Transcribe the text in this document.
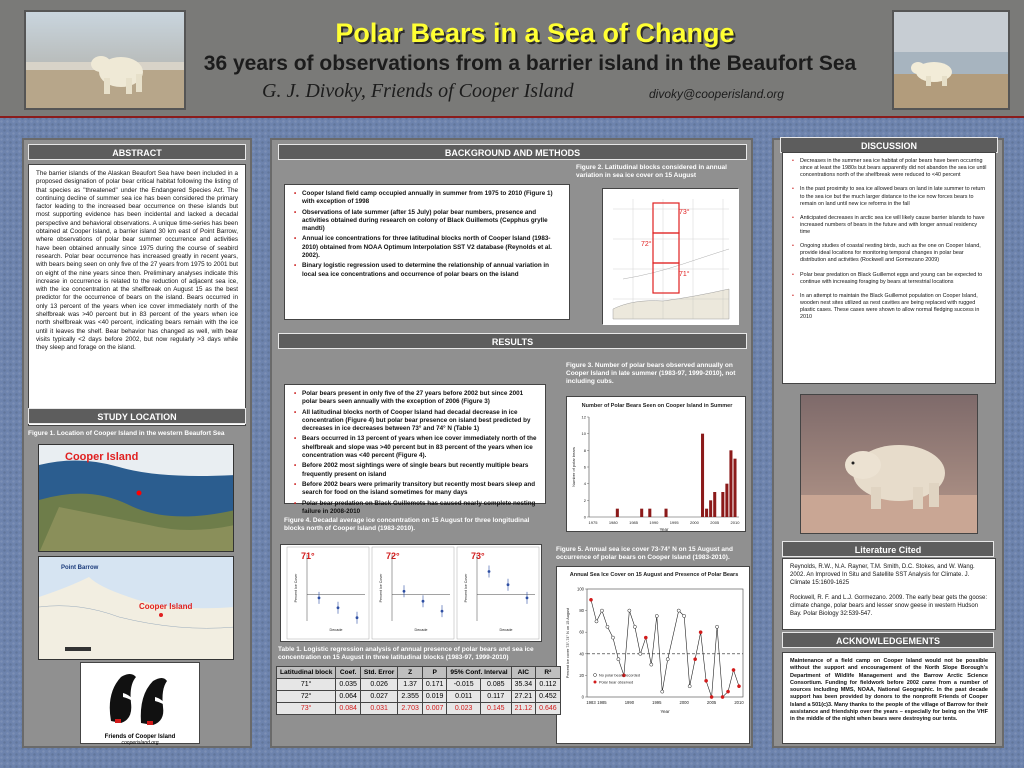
Polar Bears in a Sea of Change
36 years of observations from a barrier island in the Beaufort Sea
G. J. Divoky, Friends of Cooper Island	divoky@cooperisland.org
ABSTRACT
The barrier islands of the Alaskan Beaufort Sea have been included in a proposed designation of polar bear critical habitat following the listing of that species as "threatened" under the Endangered Species Act. The continuing decline of summer sea ice has been considered the primary factor leading to the increased bear occurrence on these islands but most supporting evidence has been incidental and lacked a decadal perspective and behavioral observations. A unique time-series has been obtained at Cooper Island, a barrier island 30 km east of Point Barrow, where observations of polar bear summer occurrence and activities have been obtained annually since 1975 during the course of seabird research. Polar bear occurrence has increased greatly in recent years, with bears being seen on only five of the 27 years from 1975 to 2001 but on eight of the nine years since then. Preliminary analyses indicate this increase in occurrence is related to the reduction of adjacent sea ice, with the ice concentration at the shelfbreak on August 15 as the best predictor for the occurrence of bears on the island. Bears occurred in only 13 percent of the years when ice cover immediately north of the shelfbreak was >40 percent but in 83 percent of the years when ice north shelfbreak was <40 percent, indicating bears remain with the ice until it leaves the shelf. Bear behavior has changed as well, with bear visits typically <2 days before 2002, but now regularly >3 days while they sleep and forage on the island.
STUDY LOCATION
Figure 1. Location of Cooper Island in the western Beaufort Sea
Cooper Island
Point Barrow
Cooper Island
Friends of Cooper Island
cooperisland.org
BACKGROUND AND METHODS
• Cooper Island field camp occupied annually in summer from 1975 to 2010 (Figure 1) with exception of 1998
• Observations of late summer (after 15 July) polar bear numbers, presence and activities obtained during research on colony of Black Guillemots (Cepphus grylle mandti)
• Annual ice concentrations for three latitudinal blocks north of Cooper Island (1983-2010) obtained from NOAA Optimum Interpolation SST V2 database (Reynolds et al. 2002).
• Binary logistic regression used to determine the relationship of annual variation in local sea ice concentrations and occurrence of polar bears on the island
Figure 2. Latitudinal blocks considered in annual variation in sea ice cover on 15 August
73°
72°
71°
RESULTS
• Polar bears present in only five of the 27 years before 2002 but since 2001 polar bears seen annually with the exception of 2006 (Figure 3)
• All latitudinal blocks north of Cooper Island had decadal decrease in ice concentration (Figure 4) but polar bear presence on island best predicted by decreases in ice decreases between 73° and 74° N (Table 1)
• Bears occurred in 13 percent of years when ice cover immediately north of the shelfbreak and slope was >40 percent but in 83 percent of the years when ice concentration was <40 percent (Figure 4).
• Before 2002 most sightings were of single bears but recently multiple bears frequently present on island
• Before 2002 bears were primarily transitory but recently most bears sleep and search for food on the island sometimes for many days
• Polar bear predation on Black Guillemots has caused nearly complete nesting failure in 2008-2010
Figure 3. Number of polar bears observed annually on Cooper Island in late summer (1983-97, 1999-2010), not including cubs.
Number of Polar Bears Seen on Cooper Island in Summer
0
2
4
6
8
10
12
1975	1980	1985	1990	1995	2000	2005	2010
Year
Number of polar bears
Figure 4. Decadal average ice concentration on 15 August for three longitudinal blocks north of Cooper Island (1983-2010).
71°
Decade
Percent Ice Cover
72°
Decade
Percent Ice Cover
73°
Decade
Percent Ice Cover
Figure 5. Annual sea ice cover 73-74° N on 15 August and occurrence of polar bears on Cooper Island (1983-2010).
Annual Sea Ice Cover on 15 August and Presence of Polar Bears
0
20
40
60
80
100
1983 1985	1990	1995	2000	2005	2010
No polar bears recorded
Polar bear observed
Year
Percent ice cover 73°-74° N on 15 August
Table 1. Logistic regression analysis of annual presence of polar bears and sea ice concentration on 15 August in three latitudinal blocks (1983-97, 1999-2010)
Latitudinal block	Coef.	Std. Error	Z	P	95% Conf. Interval		AIC	R²
71°	0.035	0.026	1.37	0.171	-0.015	0.085	35.34	0.112
72°	0.064	0.027	2.355	0.019	0.011	0.117	27.21	0.452
73°	0.084	0.031	2.703	0.007	0.023	0.145	21.12	0.646
DISCUSSION
• Decreases in the summer sea ice habitat of polar bears have been occurring since at least the 1980s but bears apparently did not abandon the sea ice until concentrations north of the shelfbreak were reduced to <40 percent
• In the past proximity to sea ice allowed bears on land in late summer to return to the sea ice but the much larger distance to the ice now forces bears to remain on land until new ice reforms in the fall
• Anticipated decreases in arctic sea ice will likely cause barrier islands to have increased numbers of bears in the future and with longer annual residency time
• Ongoing studies of coastal nesting birds, such as the one on Cooper Island, provide ideal locations for monitoring temporal changes in polar bear distribution and activities (Rockwell and Gormezano 2009)
• Polar bear predation on Black Guillemot eggs and young can be expected to continue with increasing foraging by bears at terrestrial locations
• In an attempt to maintain the Black Guillemot population on Cooper Island, wooden nest sites utilized as nest cavities are being replaced with rugged plastic cases. These cases were shown to allow normal fledging success in 2010
Literature Cited

Reynolds, R.W., N.A. Rayner, T.M. Smith, D.C. Stokes, and W. Wang. 2002. An Improved In Situ and Satellite SST Analysis for Climate. J. Climate 15:1609-1625

Rockwell, R. F. and L.J. Gormezano. 2009. The early bear gets the goose: climate change, polar bears and lesser snow geese in western Hudson Bay. Polar Biology 32:539-547.

ACKNOWLEDGEMENTS
Maintenance of a field camp on Cooper Island would not be possible without the support and encouragement of the North Slope Borough's Department of Wildlife Management and the Barrow Arctic Science Consortium. Funding for fieldwork before 2002 came from a number of sources including MMS, NOAA, National Geographic. In the past decade support has been provided by donors to the nonprofit Friends of Cooper Island a 501(c)3. Many thanks to the people of the village of Barrow for their assistance and friendship over the years – especially for being on the VHF in the middle of the night when bears were destroying our tents.
